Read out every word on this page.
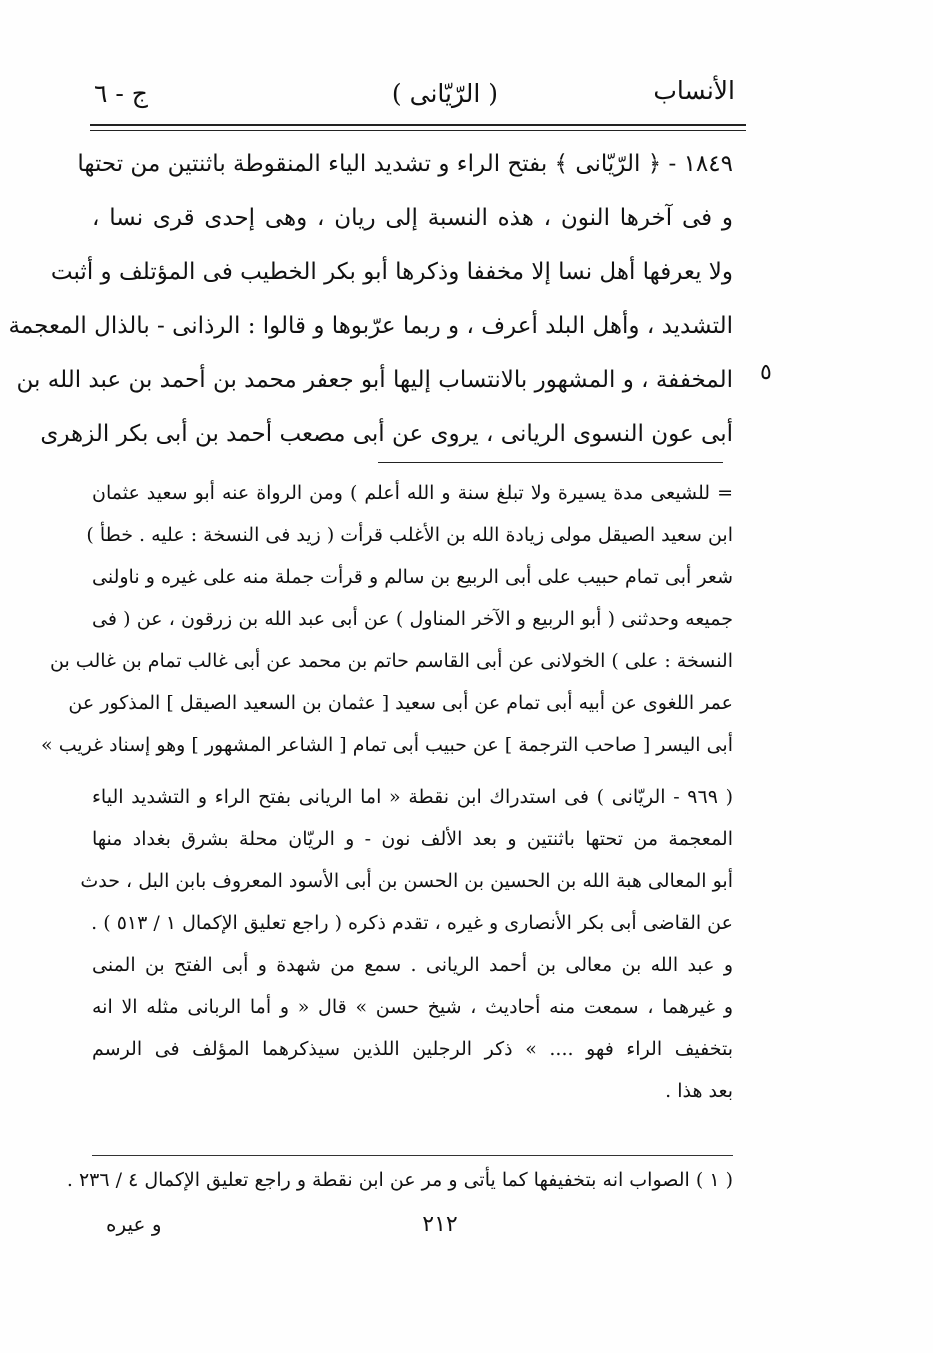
الأنساب
( الرّيّانى )
ج - ٦
١٨٤٩ - ﴿ الرّيّانى ﴾ بفتح الراء و تشديد الياء المنقوطة باثنتين من تحتها
و فى آخرها النون ، هذه النسبة إلى ريان ، وهى إحدى قرى نسا ،
ولا يعرفها أهل نسا إلا مخففا وذكرها أبو بكر الخطيب فى المؤتلف و أثبت
التشديد ، وأهل البلد أعرف ، و ربما عرّبوها و قالوا : الرذانى - بالذال المعجمة
المخففة ، و المشهور بالانتساب إليها أبو جعفر محمد بن أحمد بن عبد الله بن
أبى عون النسوى الريانى ، يروى عن أبى مصعب أحمد بن أبى بكر الزهرى
٥
= للشيعى مدة يسيرة ولا تبلغ سنة و الله أعلم ) ومن الرواة عنه أبو سعيد عثمان
ابن سعيد الصيقل مولى زيادة الله بن الأغلب قرأت ( زيد فى النسخة : عليه . خطأ )
شعر أبى تمام حبيب على أبى الربيع بن سالم و قرأت جملة منه على غيره و ناولنى
جميعه وحدثنى ( أبو الربيع و الآخر المناول ) عن أبى عبد الله بن زرقون ، عن ( فى
النسخة : على ) الخولانى عن أبى القاسم حاتم بن محمد عن أبى غالب تمام بن غالب بن
عمر اللغوى عن أبيه أبى تمام عن أبى سعيد [ عثمان بن السعيد الصيقل ] المذكور عن
أبى اليسر [ صاحب الترجمة ] عن حبيب أبى تمام [ الشاعر المشهور ] وهو إسناد غريب »
( ٩٦٩ - الريّانى ) فى استدراك ابن نقطة « اما الريانى بفتح الراء و التشديد الياء
المعجمة من تحتها باثنتين و بعد الألف نون - و الريّان محلة بشرق بغداد منها
أبو المعالى هبة الله بن الحسين بن الحسن بن أبى الأسود المعروف بابن البل ، حدث
عن القاضى أبى بكر الأنصارى و غيره ، تقدم ذكره ( راجع تعليق الإكمال ١ / ٥١٣ ) .
و عبد الله بن معالى بن أحمد الريانى . سمع من شهدة و أبى الفتح بن المنى
و غيرهما ، سمعت منه أحاديث ، شيخ حسن » قال « و أما الربانى مثله الا انه
بتخفيف الراء فهو .... » ذكر الرجلين اللذين سيذكرهما المؤلف فى الرسم
بعد هذا .
( ١ ) الصواب انه بتخفيفها كما يأتى و مر عن ابن نقطة و راجع تعليق الإكمال ٤ / ٢٣٦ .
٢١٢
و عيره
